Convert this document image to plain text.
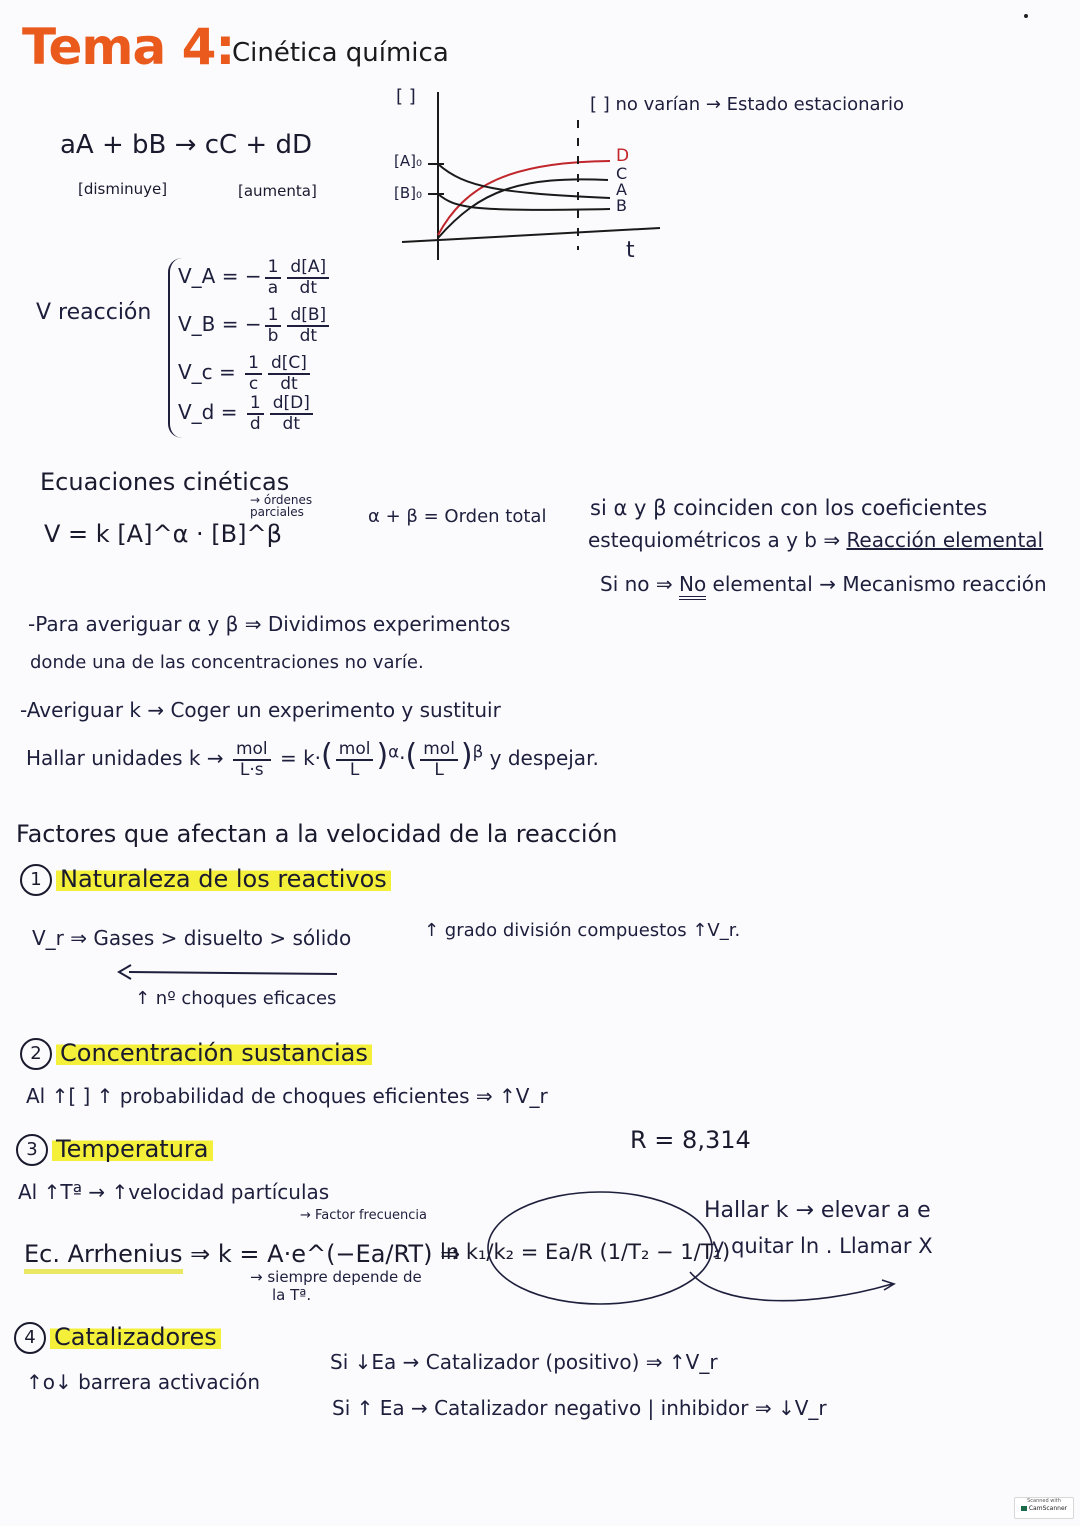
Tema 4:
Cinética química
aA + bB → cC + dD
[disminuye]	[aumenta]
[ ]
t
[A]₀
[B]₀
D
C
A
B
[ ] no varían → Estado estacionario
V reacción
V_A = − $\frac{1}{a} \frac{d[A]}{dt}$
V_B = − $\frac{1}{b} \frac{d[B]}{dt}$
V_c = $\frac{1}{c} \frac{d[C]}{dt}$
V_d = $\frac{1}{d} \frac{d[D]}{dt}$
Ecuaciones cinéticas
V = k [A]^α · [B]^β
→ órdenes parciales	α + β = Orden total si α y β coinciden con los coeficientes
estequiométricos a y b ⇒ Reacción elemental
Si no ⇒ No elemental → Mecanismo reacción
-Para averiguar α y β ⇒ Dividimos experimentos
donde una de las concentraciones no varíe.
-Averiguar k → Coger un experimento y sustituir
Hallar unidades $k \to \frac{\text{mol}}{L\cdot s} = k\cdot( \frac{\text{mol}}{L} )^\alpha\cdot( \frac{\text{mol}}{L} )^\beta$ y despejar.
Factores que afectan a la velocidad de la reacción
1 Naturaleza de los reactivos
V_r ⇒ Gases > disuelto > sólido
↑ nº choques eficaces
↑ grado división compuestos ↑V_r.
2 Concentración sustancias
Al ↑[ ] ↑ probabilidad de choques eficientes ⇒ ↑V_r
3 Temperatura	R = 8,314
Al ↑Tª → ↑velocidad partículas
→ Factor frecuencia
Ec. Arrhenius ⇒ k = A·e^(−Ea/RT) ⇒
→ siempre depende de
la Tª.
ln k₁/k₂ = Ea/R (1/T₂ − 1/T₁)
Hallar k → elevar a e
y quitar ln . Llamar X
4 Catalizadores
↑o↓ barrera activación
Si ↓Ea → Catalizador (positivo) ⇒ ↑V_r
Si ↑ Ea → Catalizador negativo | inhibidor ⇒ ↓V_r
Scanned with
CamScanner
